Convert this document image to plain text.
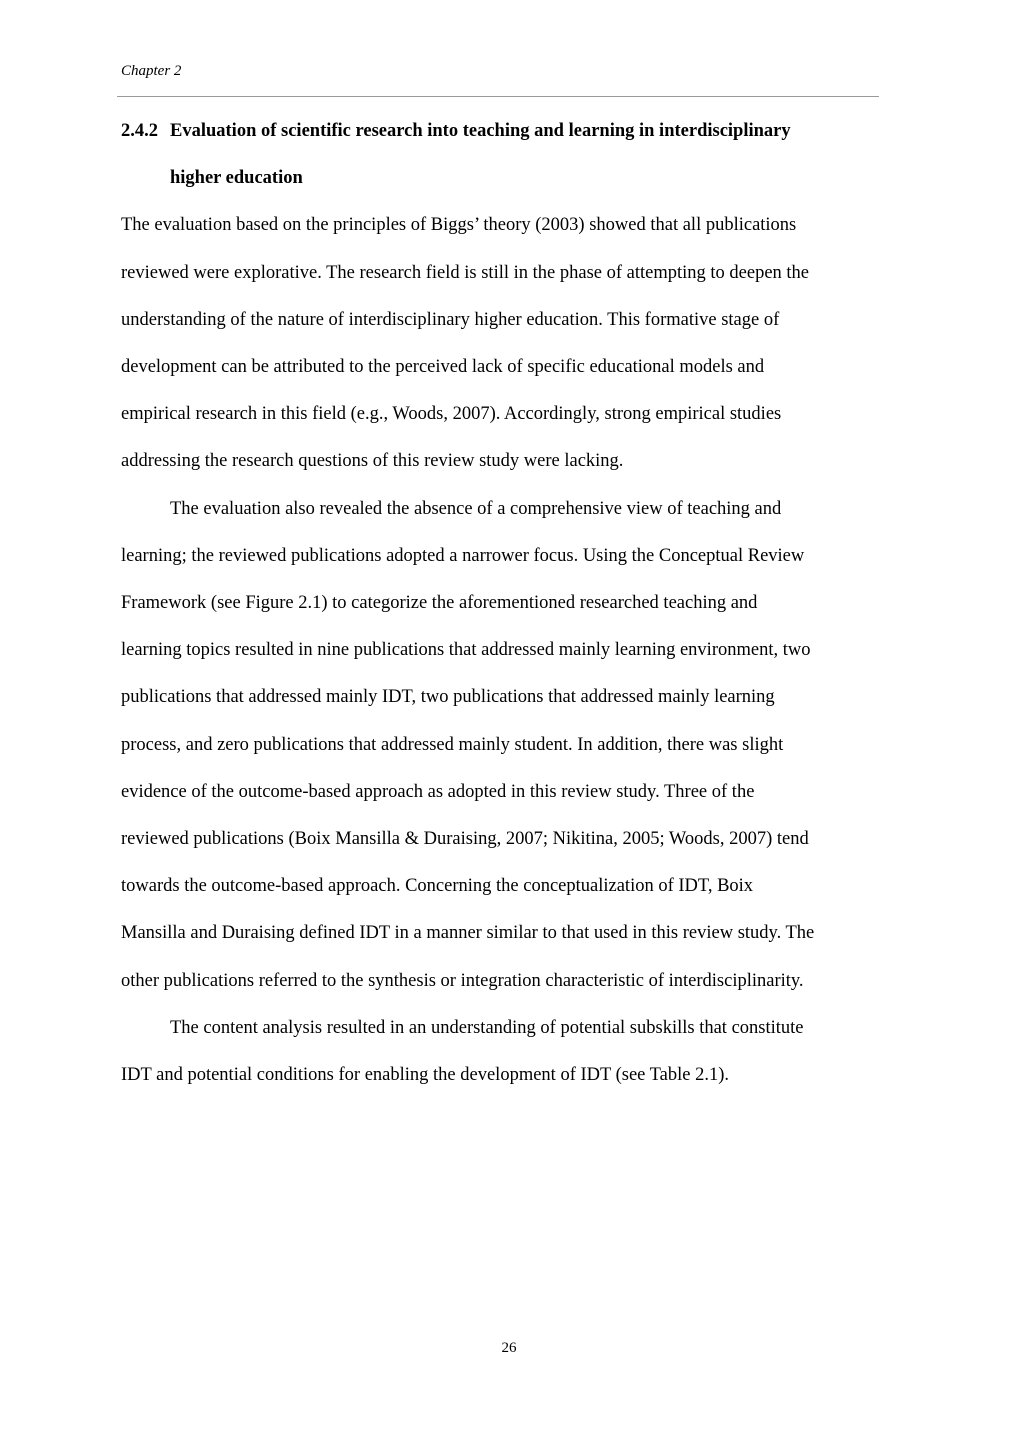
Chapter 2

2.4.2 Evaluation of scientific research into teaching and learning in interdisciplinary
higher education

The evaluation based on the principles of Biggs’ theory (2003) showed that all publications
reviewed were explorative. The research field is still in the phase of attempting to deepen the
understanding of the nature of interdisciplinary higher education. This formative stage of
development can be attributed to the perceived lack of specific educational models and
empirical research in this field (e.g., Woods, 2007). Accordingly, strong empirical studies
addressing the research questions of this review study were lacking.

The evaluation also revealed the absence of a comprehensive view of teaching and
learning; the reviewed publications adopted a narrower focus. Using the Conceptual Review
Framework (see Figure 2.1) to categorize the aforementioned researched teaching and
learning topics resulted in nine publications that addressed mainly learning environment, two
publications that addressed mainly IDT, two publications that addressed mainly learning
process, and zero publications that addressed mainly student. In addition, there was slight
evidence of the outcome-based approach as adopted in this review study. Three of the
reviewed publications (Boix Mansilla & Duraising, 2007; Nikitina, 2005; Woods, 2007) tend
towards the outcome-based approach. Concerning the conceptualization of IDT, Boix
Mansilla and Duraising defined IDT in a manner similar to that used in this review study. The
other publications referred to the synthesis or integration characteristic of interdisciplinarity.

The content analysis resulted in an understanding of potential subskills that constitute
IDT and potential conditions for enabling the development of IDT (see Table 2.1).

26
